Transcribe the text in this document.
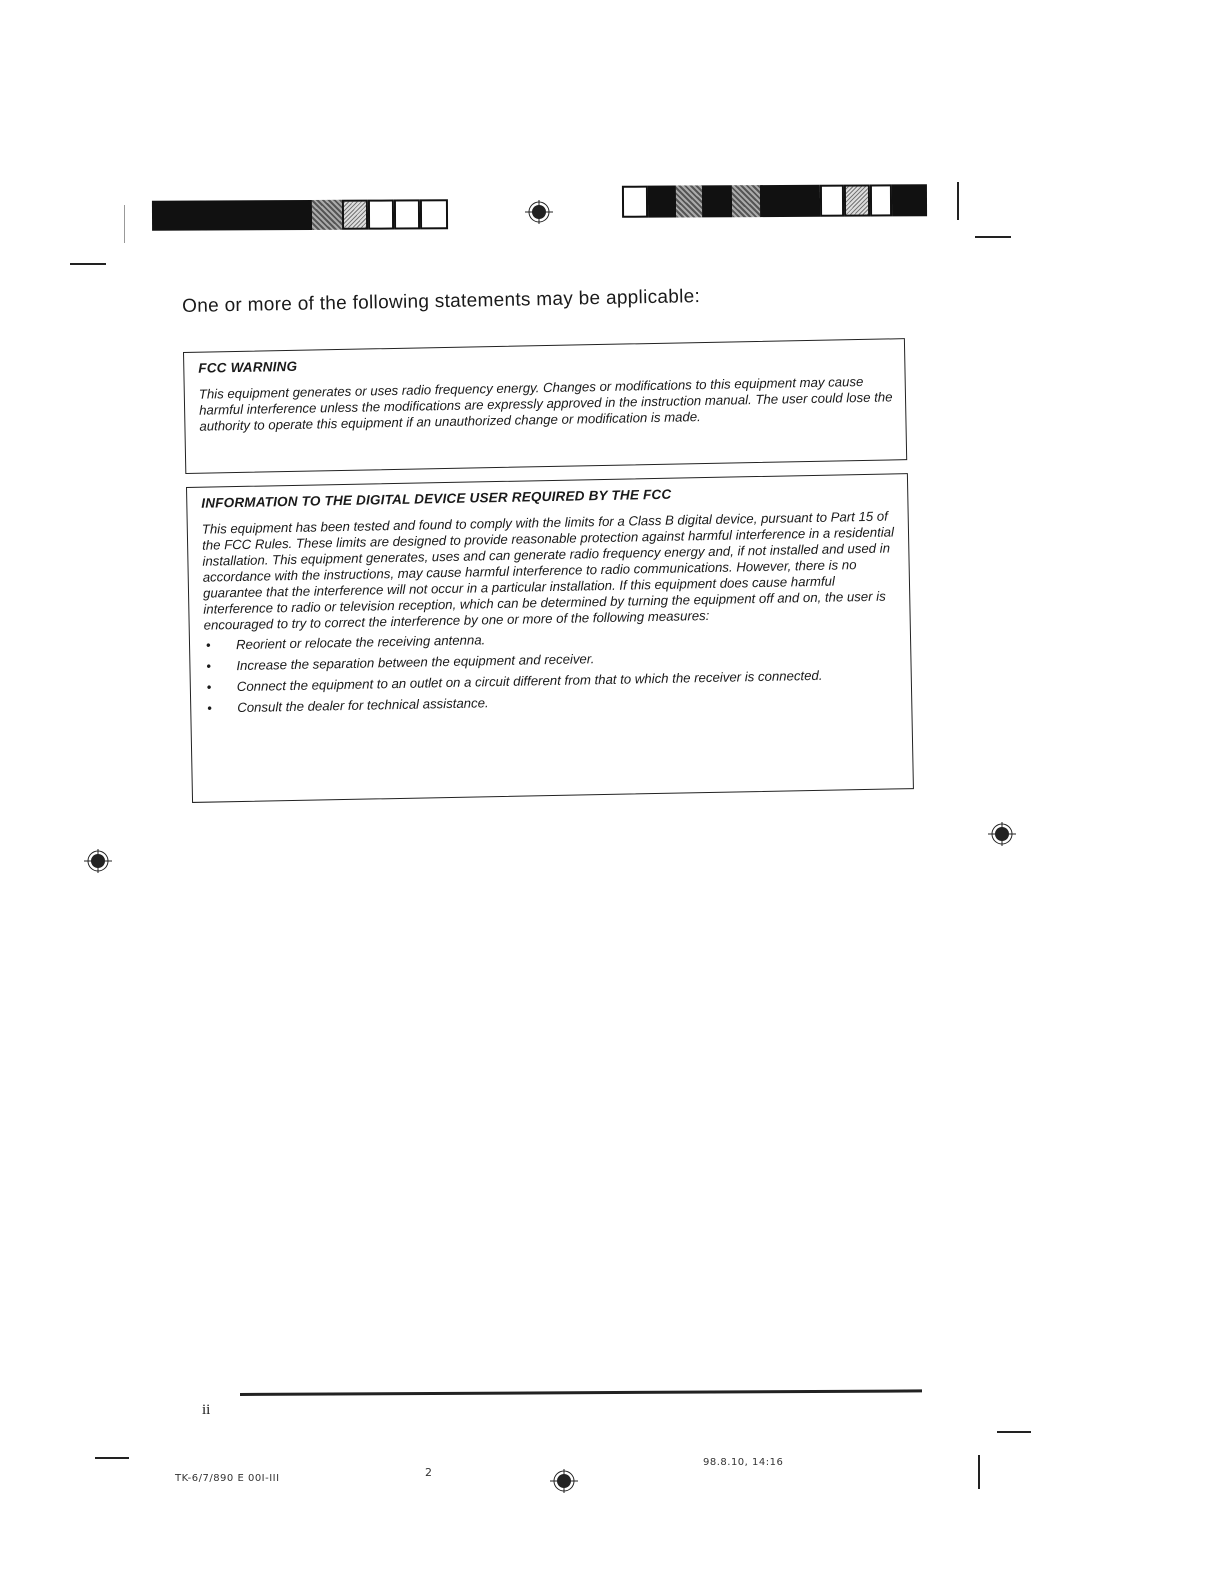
One or more of the following statements may be applicable:
FCC WARNING

This equipment generates or uses radio frequency energy. Changes or modifications to this equipment may cause harmful interference unless the modifications are expressly approved in the instruction manual. The user could lose the authority to operate this equipment if an unauthorized change or modification is made.

INFORMATION TO THE DIGITAL DEVICE USER REQUIRED BY THE FCC

This equipment has been tested and found to comply with the limits for a Class B digital device, pursuant to Part 15 of the FCC Rules. These limits are designed to provide reasonable protection against harmful interference in a residential installation. This equipment generates, uses and can generate radio frequency energy and, if not installed and used in accordance with the instructions, may cause harmful interference to radio communications. However, there is no guarantee that the interference will not occur in a particular installation. If this equipment does cause harmful interference to radio or television reception, which can be determined by turning the equipment off and on, the user is encouraged to try to correct the interference by one or more of the following measures:

• Reorient or relocate the receiving antenna.
• Increase the separation between the equipment and receiver.
• Connect the equipment to an outlet on a circuit different from that to which the receiver is connected.
• Consult the dealer for technical assistance.
ii
TK-6/7/890 E 00I-III	2
98.8.10, 14:16
